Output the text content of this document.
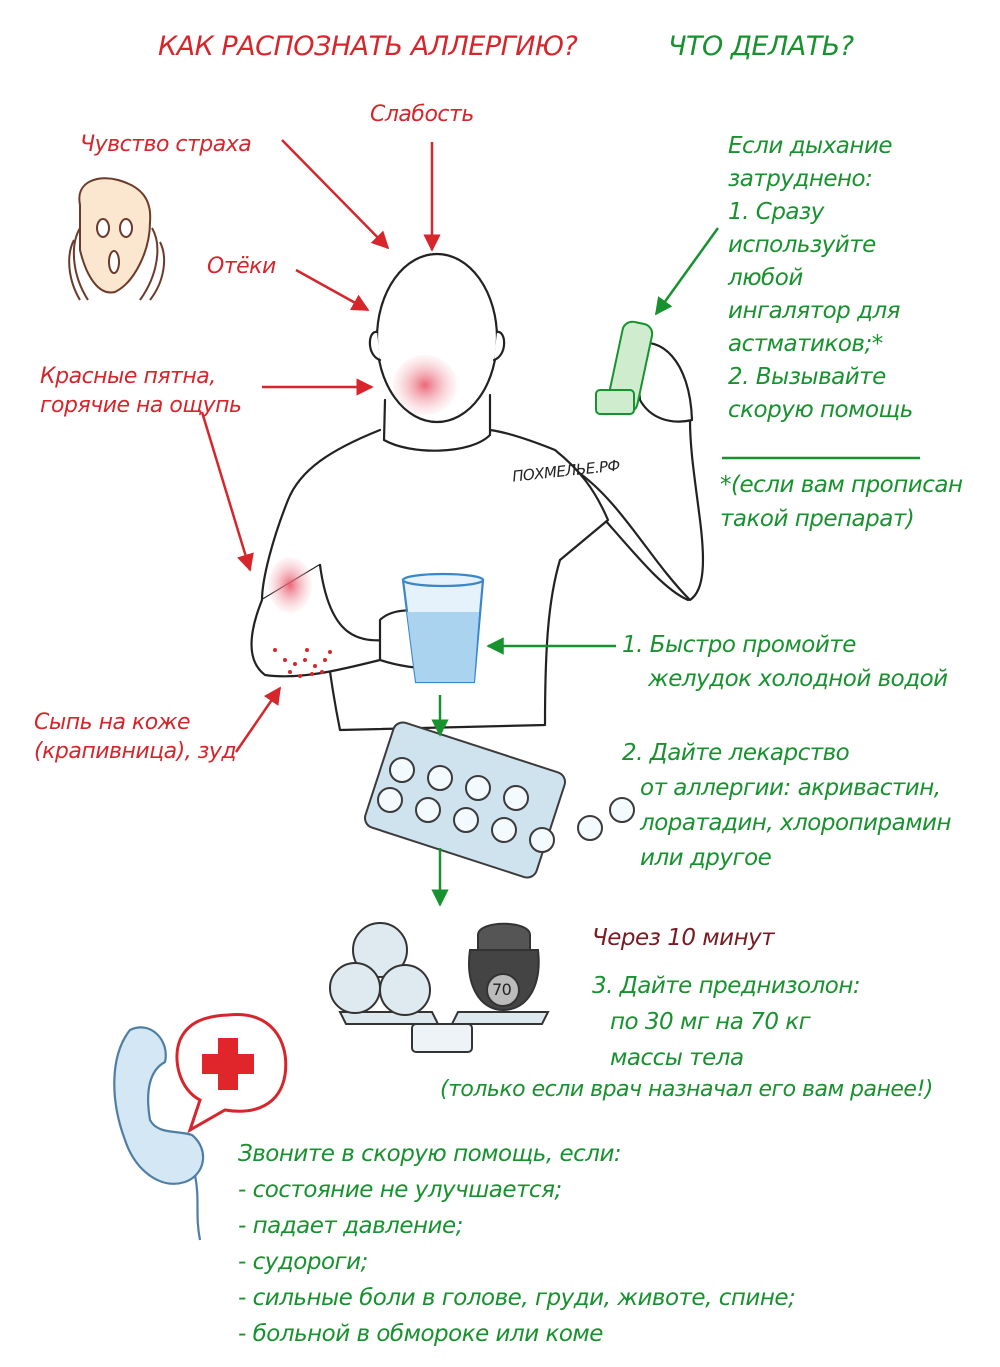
КАК РАСПОЗНАТЬ АЛЛЕРГИЮ?	ЧТО ДЕЛАТЬ?

Чувство страха

Слабость

Отёки

Красные пятна,
горячие на ощупь
Сыпь на коже
(крапивница), зуд

ПОХМЕЛЬЕ.РФ

Если дыхание
затруднено:
1. Сразу
используйте
любой
ингалятор для
астматиков;*
2. Вызывайте
скорую помощь
*(если вам прописан
такой препарат)
1. Быстро промойте
желудок холодной водой
2. Дайте лекарство
от аллергии: акривастин,
лоратадин, хлоропирамин
или другое

Через 10 минут

3. Дайте преднизолон:
по 30 мг на 70 кг
массы тела

(только если врач назначал его вам ранее!)

70

Звоните в скорую помощь, если:
- состояние не улучшается;
- падает давление;
- судороги;
- сильные боли в голове, груди, животе, спине;
- больной в обмороке или коме
